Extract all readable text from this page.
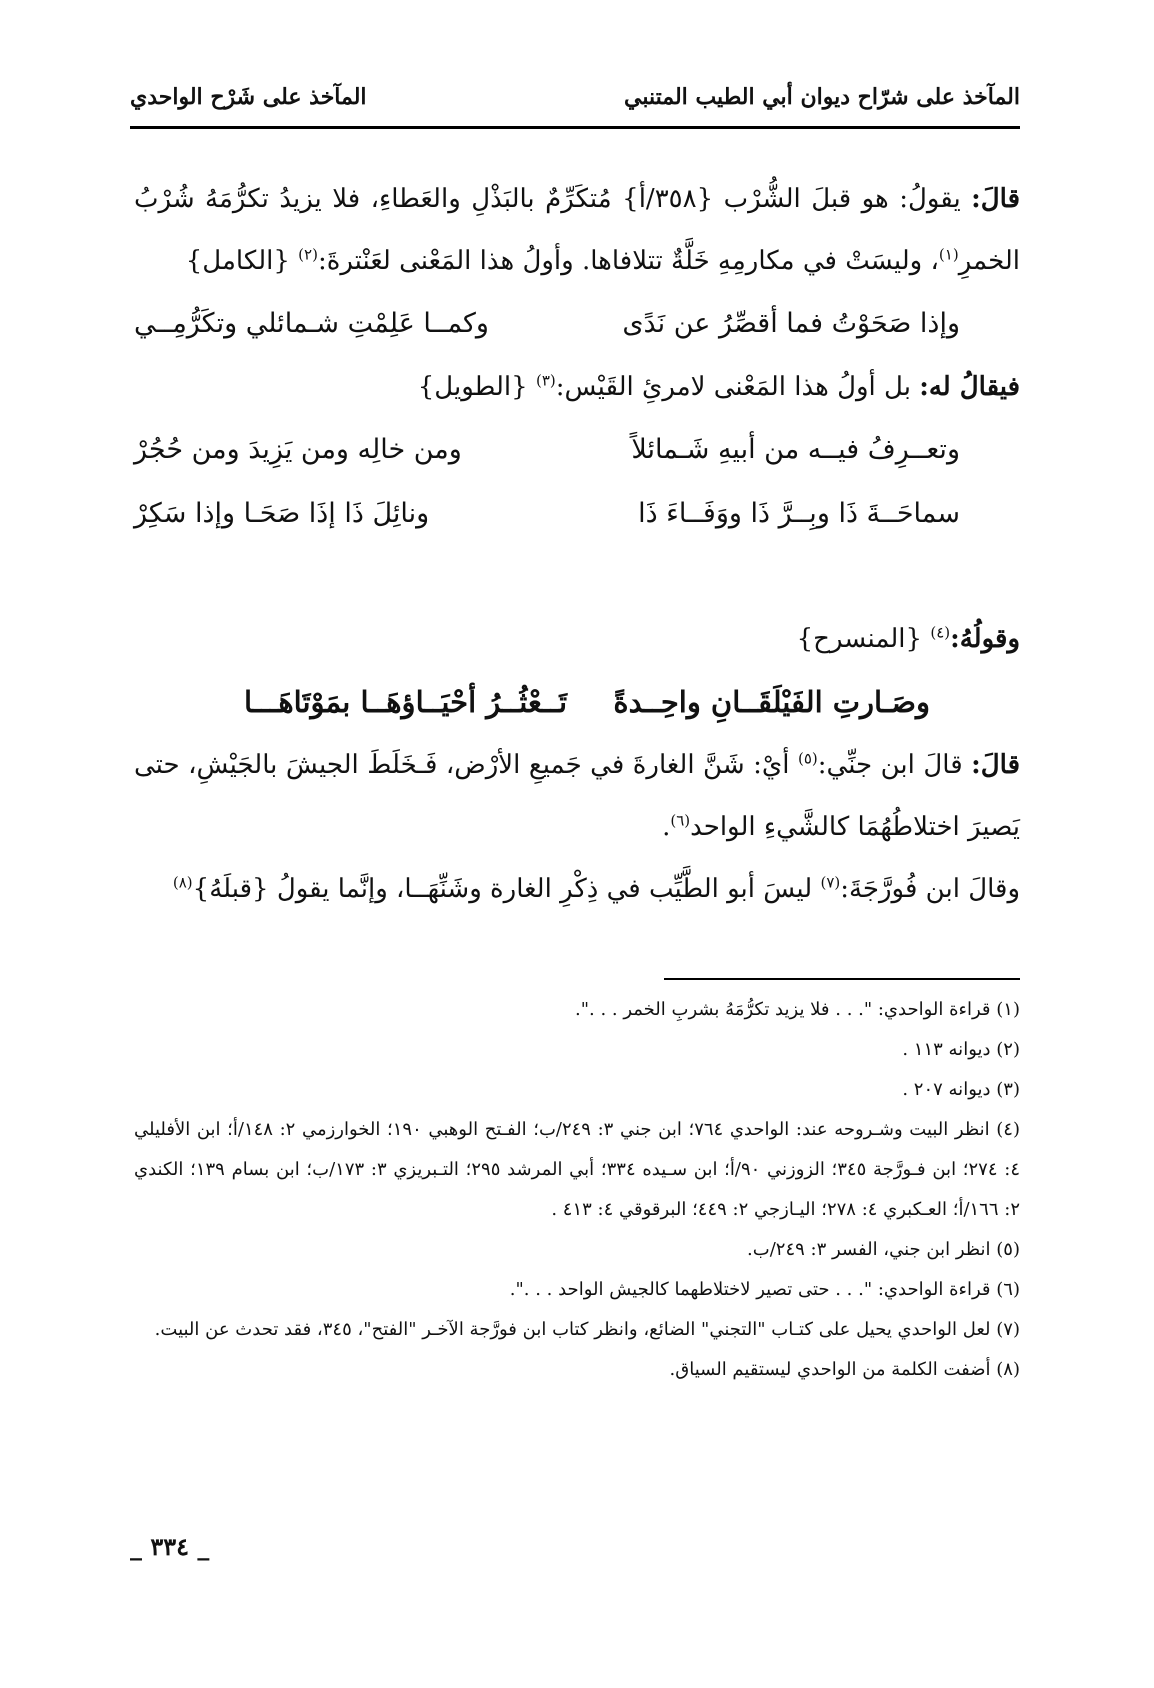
المآخذ على شرّاح ديوان أبي الطيب المتنبي
المآخذ على شَرْح الواحدي

قالَ: يقولُ: هو قبلَ الشُّرْب {٣٥٨/أ} مُتكَرِّمٌ بالبَذْلِ والعَطاءِ، فلا يزيدُ تكرُّمَهُ شُرْبُ الخمرِ$^{(١)}$، وليسَتْ في مكارمِهِ خَلَّةٌ تتلافاها. وأولُ هذا المَعْنى لعَنْترةَ:$^{(٢)}$ {الكامل}

وإذا صَحَوْتُ فما أقصِّرُ عن نَدًى
وكمــا عَلِمْتِ شـمائلي وتكَرُّمِــي

فيقالُ له: بل أولُ هذا المَعْنى لامرئِ القَيْس:$^{(٣)}$ {الطويل}

وتعــرِفُ فيــه من أبيهِ شَـمائلاً
ومن خالِه ومن يَزِيدَ ومن حُجُرْ
سماحَــةَ ذَا وبِــرَّ ذَا ووَفَــاءَ ذَا
ونائِلَ ذَا إذَا صَحَـا وإذا سَكِرْ

وقولُهُ:$^{(٤)}$ {المنسرح}

وصَـارتِ الفَيْلَقَــانِ واحِــدةً
تَــعْثُــرُ أحْيَــاؤهَــا بمَوْتَاهَـــا

قالَ: قالَ ابن جنِّي:$^{(٥)}$ أيْ: شَنَّ الغارةَ في جَميعِ الأرْض، فَـخَلَطَ الجيشَ بالجَيْشِ، حتى يَصيرَ اختلاطُهُمَا كالشَّيءِ الواحد$^{(٦)}$.

وقالَ ابن فُورَّجَةَ:$^{(٧)}$ ليسَ أبو الطَّيِّب في ذِكْرِ الغارة وشَنِّهَــا، وإنَّما يقولُ {قبلَهُ}$^{(٨)}$

(١) قراءة الواحدي: ". . . فلا يزيد تكرُّمَهُ بشربِ الخمر . . .".

(٢) ديوانه ١١٣ .

(٣) ديوانه ٢٠٧ .

(٤) انظر البيت وشـروحه عند: الواحدي ٧٦٤؛ ابن جني ٣: ٢٤٩/ب؛ الفـتح الوهبي ١٩٠؛ الخوارزمي ٢: ١٤٨/أ؛ ابن الأفليلي ٤: ٢٧٤؛ ابن فـورَّجة ٣٤٥؛ الزوزني ٩٠/أ؛ ابن سـيده ٣٣٤؛ أبي المرشد ٢٩٥؛ التـبريزي ٣: ١٧٣/ب؛ ابن بسام ١٣٩؛ الكندي ٢: ١٦٦/أ؛ العـكبري ٤: ٢٧٨؛ اليـازجي ٢: ٤٤٩؛ البرقوقي ٤: ٤١٣ .

(٥) انظر ابن جني، الفسر ٣: ٢٤٩/ب.

(٦) قراءة الواحدي: ". . . حتى تصير لاختلاطهما كالجيش الواحد . . .".

(٧) لعل الواحدي يحيل على كتـاب "التجني" الضائع، وانظر كتاب ابن فورَّجة الآخـر "الفتح"، ٣٤٥، فقد تحدث عن البيت.

(٨) أضفت الكلمة من الواحدي ليستقيم السياق.

_ ٣٣٤ _
